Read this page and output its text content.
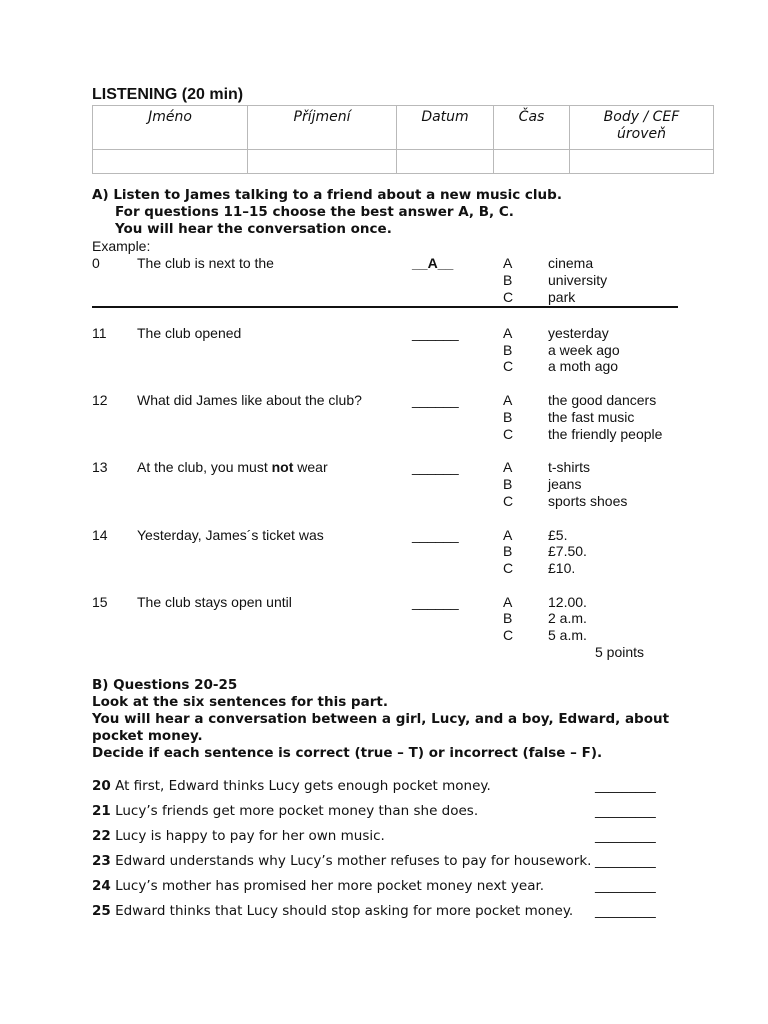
LISTENING (20 min)
Jméno	Příjmení	Datum	Čas	Body / CEF
úroveň

A) Listen to James talking to a friend about a new music club.
For questions 11–15 choose the best answer A, B, C.
You will hear the conversation once.
Example:
0	The club is next to the	__A__	A	cinema
B	university
C park
11 The club opened	______	A	yesterday
B	a week ago
C a moth ago
12 What did James like about the club?	______	A	the good dancers
B	the fast music
C the friendly people
13 At the club, you must not wear	______	A	t-shirts
B	jeans
C sports shoes
14 Yesterday, James´s ticket was	______	A	£5.
B	£7.50.
C £10.
15 The club stays open until	______	A	12.00.
B	2 a.m.
C 5 a.m.
5 points
B) Questions 20-25
Look at the six sentences for this part.
You will hear a conversation between a girl, Lucy, and a boy, Edward, about
pocket money.
Decide if each sentence is correct (true – T) or incorrect (false – F).
20 At first, Edward thinks Lucy gets enough pocket money.	_________
21 Lucy’s friends get more pocket money than she does.	_________
22 Lucy is happy to pay for her own music.	_________
23 Edward understands why Lucy’s mother refuses to pay for housework. _________
24 Lucy’s mother has promised her more pocket money next year.	_________
25 Edward thinks that Lucy should stop asking for more pocket money. _________
